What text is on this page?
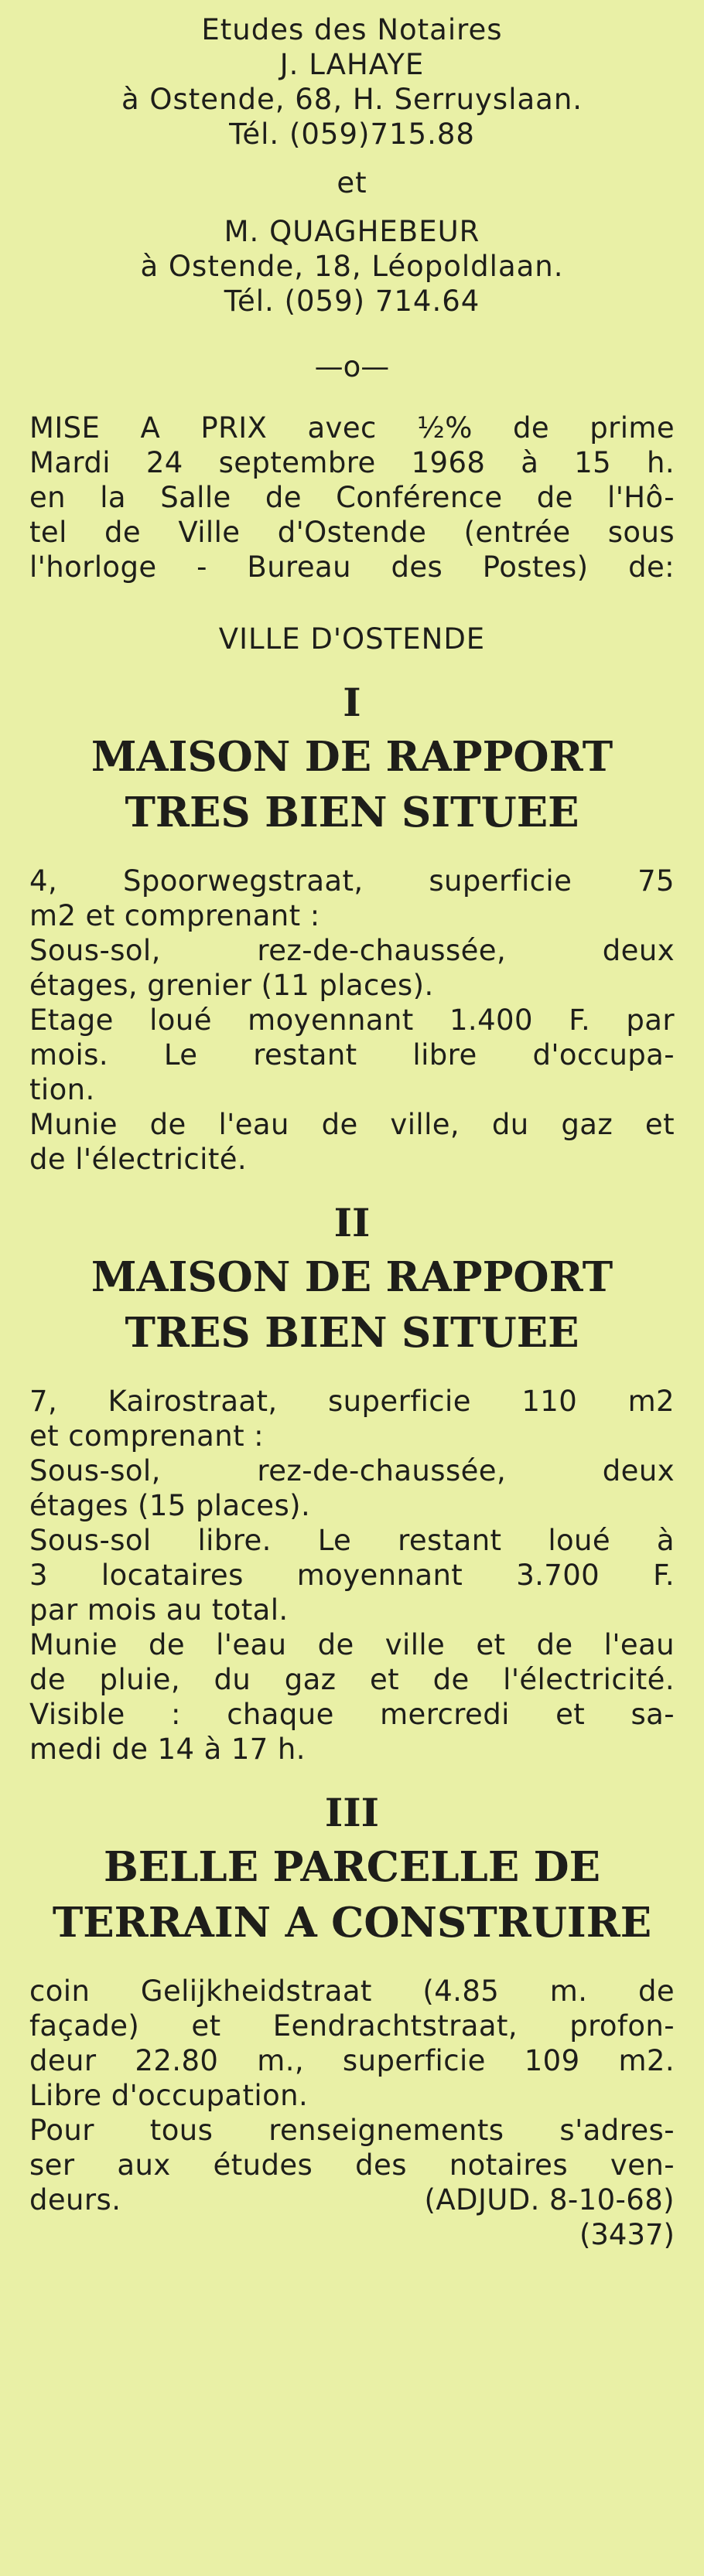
Etudes des Notaires

J. LAHAYE

à Ostende, 68, H. Serruyslaan.

Tél. (059)715.88

et

M. QUAGHEBEUR

à Ostende, 18, Léopoldlaan.

Tél. (059) 714.64

—o—
MISE A PRIX avec ½% de prime
Mardi 24 septembre 1968 à 15 h.
en la Salle de Conférence de l'Hô-
tel de Ville d'Ostende (entrée sous
l'horloge - Bureau des Postes) de:
VILLE D'OSTENDE
I
MAISON DE RAPPORT
TRES BIEN SITUEE
4, Spoorwegstraat, superficie 75
m2 et comprenant :
Sous-sol, rez-de-chaussée, deux
étages, grenier (11 places).
Etage loué moyennant 1.400 F. par
mois. Le restant libre d'occupa-
tion.
Munie de l'eau de ville, du gaz et
de l'électricité.
II
MAISON DE RAPPORT
TRES BIEN SITUEE
7, Kairostraat, superficie 110 m2
et comprenant :
Sous-sol, rez-de-chaussée, deux
étages (15 places).
Sous-sol libre. Le restant loué à
3 locataires moyennant 3.700 F.
par mois au total.
Munie de l'eau de ville et de l'eau
de pluie, du gaz et de l'électricité.
Visible : chaque mercredi et sa-
medi de 14 à 17 h.
III
BELLE PARCELLE DE
TERRAIN A CONSTRUIRE
coin Gelijkheidstraat (4.85 m. de
façade) et Eendrachtstraat, profon-
deur 22.80 m., superficie 109 m2.
Libre d'occupation.
Pour tous renseignements s'adres-
ser aux études des notaires ven-
deurs.	(ADJUD. 8-10-68)
(3437)
